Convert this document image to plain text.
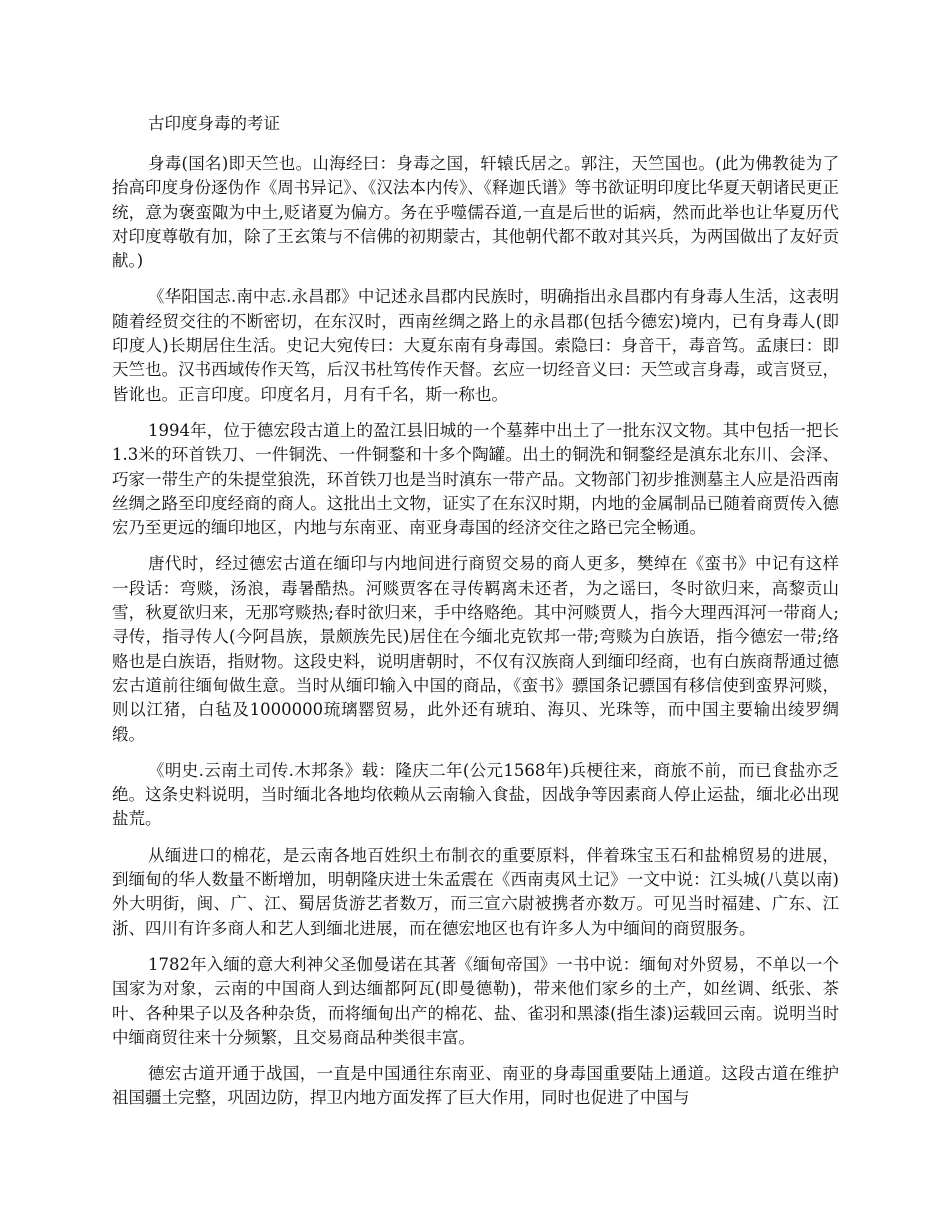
古印度身毒的考证

身毒(国名)即天竺也。山海经曰：身毒之国，轩辕氏居之。郭注，天竺国也。(此为佛教徒为了抬高印度身份逐伪作《周书异记》、《汉法本内传》、《释迦氏谱》等书欲证明印度比华夏天朝诸民更正统，意为褒蛮陬为中土,贬诸夏为偏方。务在乎噬儒吞道,一直是后世的诟病，然而此举也让华夏历代对印度尊敬有加，除了王玄策与不信佛的初期蒙古，其他朝代都不敢对其兴兵，为两国做出了友好贡献。)

《华阳国志.南中志.永昌郡》中记述永昌郡内民族时，明确指出永昌郡内有身毒人生活，这表明随着经贸交往的不断密切，在东汉时，西南丝绸之路上的永昌郡(包括今德宏)境内，已有身毒人(即印度人)长期居住生活。史记大宛传曰：大夏东南有身毒国。索隐曰：身音干，毒音笃。孟康曰：即天竺也。汉书西域传作天笃，后汉书杜笃传作天督。玄应一切经音义曰：天竺或言身毒，或言贤豆，皆讹也。正言印度。印度名月，月有千名，斯一称也。

1994年，位于德宏段古道上的盈江县旧城的一个墓葬中出土了一批东汉文物。其中包括一把长1.3米的环首铁刀、一件铜洗、一件铜鍪和十多个陶罐。出土的铜洗和铜鍪经是滇东北东川、会泽、巧家一带生产的朱提堂狼洗，环首铁刀也是当时滇东一带产品。文物部门初步推测墓主人应是沿西南丝绸之路至印度经商的商人。这批出土文物，证实了在东汉时期，内地的金属制品已随着商贾传入德宏乃至更远的缅印地区，内地与东南亚、南亚身毒国的经济交往之路已完全畅通。

唐代时，经过德宏古道在缅印与内地间进行商贸交易的商人更多，樊绰在《蛮书》中记有这样一段话：弯赕，汤浪，毒暑酷热。河赕贾客在寻传羁离未还者，为之谣曰，冬时欲归来，高黎贡山雪，秋夏欲归来，无那穹赕热;春时欲归来，手中络赂绝。其中河赕贾人，指今大理西洱河一带商人;寻传，指寻传人(今阿昌族，景颇族先民)居住在今缅北克钦邦一带;弯赕为白族语，指今德宏一带;络赂也是白族语，指财物。这段史料，说明唐朝时，不仅有汉族商人到缅印经商，也有白族商帮通过德宏古道前往缅甸做生意。当时从缅印输入中国的商品，《蛮书》骠国条记骠国有移信使到蛮界河赕，则以江猪，白毡及1000000琉璃罂贸易，此外还有琥珀、海贝、光珠等，而中国主要输出绫罗绸缎。

《明史.云南土司传.木邦条》载：隆庆二年(公元1568年)兵梗往来，商旅不前，而已食盐亦乏绝。这条史料说明，当时缅北各地均依赖从云南输入食盐，因战争等因素商人停止运盐，缅北必出现盐荒。

从缅进口的棉花，是云南各地百姓织土布制衣的重要原料，伴着珠宝玉石和盐棉贸易的进展，到缅甸的华人数量不断增加，明朝隆庆进士朱孟震在《西南夷风土记》一文中说：江头城(八莫以南)外大明街，闽、广、江、蜀居货游艺者数万，而三宣六尉被携者亦数万。可见当时福建、广东、江浙、四川有许多商人和艺人到缅北进展，而在德宏地区也有许多人为中缅间的商贸服务。

1782年入缅的意大利神父圣伽曼诺在其著《缅甸帝国》一书中说：缅甸对外贸易，不单以一个国家为对象，云南的中国商人到达缅都阿瓦(即曼德勒)，带来他们家乡的土产，如丝调、纸张、茶叶、各种果子以及各种杂货，而将缅甸出产的棉花、盐、雀羽和黑漆(指生漆)运载回云南。说明当时中缅商贸往来十分频繁，且交易商品种类很丰富。

德宏古道开通于战国，一直是中国通往东南亚、南亚的身毒国重要陆上通道。这段古道在维护祖国疆土完整，巩固边防，捍卫内地方面发挥了巨大作用，同时也促进了中国与
